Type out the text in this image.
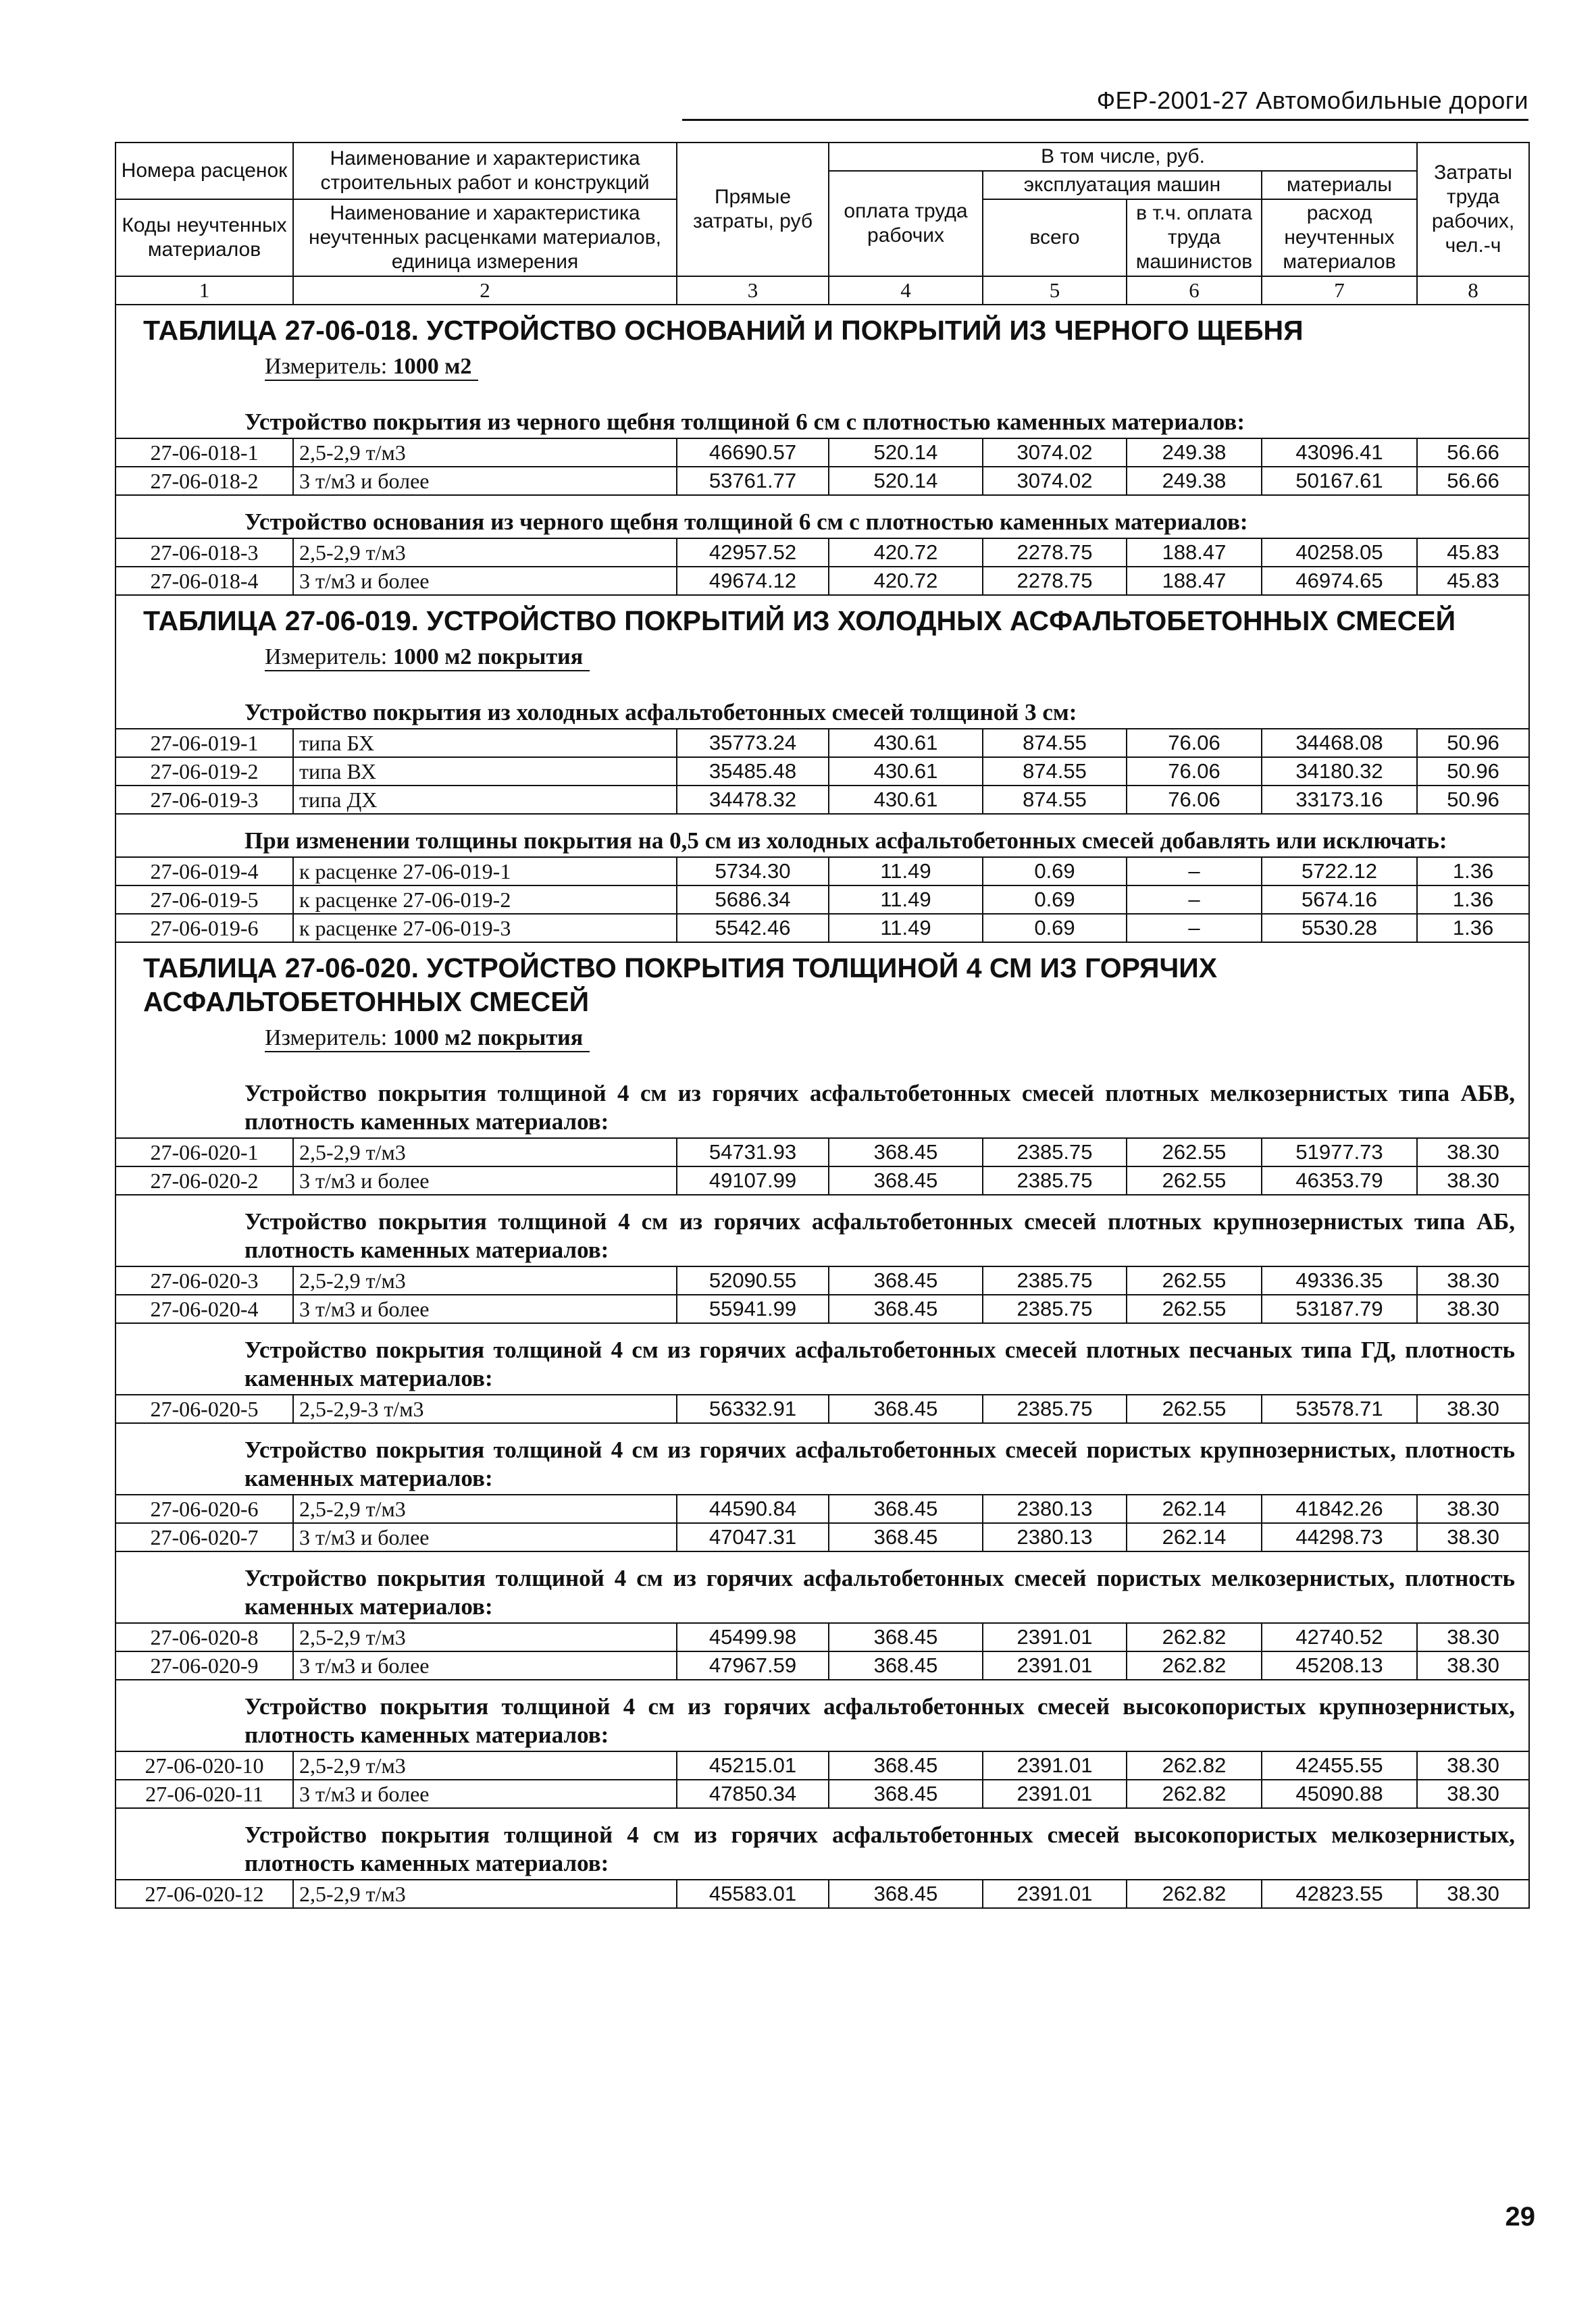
ФЕР-2001-27 Автомобильные дороги
Номера расценок	Наименование и характеристика строительных работ и конструкций	Прямые затраты, руб	В том числе, руб.				Затраты труда рабочих, чел.-ч
			оплата труда рабочих	эксплуатация машин		материалы	
Коды неучтенных материалов	Наименование и характеристика неучтенных расценками материалов, единица измерения			всего	в т.ч. оплата труда машинистов	расход неучтенных материалов	

1	2	3	4	5	6	7	8
ТАБЛИЦА 27-06-018. УСТРОЙСТВО ОСНОВАНИЙ И ПОКРЫТИЙ ИЗ ЧЕРНОГО ЩЕБНЯ							
Измеритель: 1000 м2							
Устройство покрытия из черного щебня толщиной 6 см с плотностью каменных материалов:							
27-06-018-1	2,5-2,9 т/м3	46690.57	520.14	3074.02	249.38	43096.41	56.66
27-06-018-2	3 т/м3 и более	53761.77	520.14	3074.02	249.38	50167.61	56.66
Устройство основания из черного щебня толщиной 6 см с плотностью каменных материалов:							
27-06-018-3	2,5-2,9 т/м3	42957.52	420.72	2278.75	188.47	40258.05	45.83
27-06-018-4	3 т/м3 и более	49674.12	420.72	2278.75	188.47	46974.65	45.83
ТАБЛИЦА 27-06-019. УСТРОЙСТВО ПОКРЫТИЙ ИЗ ХОЛОДНЫХ АСФАЛЬТОБЕТОННЫХ СМЕСЕЙ							
Измеритель: 1000 м2 покрытия							
Устройство покрытия из холодных асфальтобетонных смесей толщиной 3 см:							
27-06-019-1	типа БХ	35773.24	430.61	874.55	76.06	34468.08	50.96
27-06-019-2	типа ВХ	35485.48	430.61	874.55	76.06	34180.32	50.96
27-06-019-3	типа ДХ	34478.32	430.61	874.55	76.06	33173.16	50.96
При изменении толщины покрытия на 0,5 см из холодных асфальтобетонных смесей добавлять или исключать:							
27-06-019-4	к расценке 27-06-019-1	5734.30	11.49	0.69	–	5722.12	1.36
27-06-019-5	к расценке 27-06-019-2	5686.34	11.49	0.69	–	5674.16	1.36
27-06-019-6	к расценке 27-06-019-3	5542.46	11.49	0.69	–	5530.28	1.36
ТАБЛИЦА 27-06-020. УСТРОЙСТВО ПОКРЫТИЯ ТОЛЩИНОЙ 4 СМ ИЗ ГОРЯЧИХ АСФАЛЬТОБЕТОННЫХ СМЕСЕЙ							
Измеритель: 1000 м2 покрытия							
Устройство покрытия толщиной 4 см из горячих асфальтобетонных смесей плотных мелкозернистых типа АБВ, плотность каменных материалов:							
27-06-020-1	2,5-2,9 т/м3	54731.93	368.45	2385.75	262.55	51977.73	38.30
27-06-020-2	3 т/м3 и более	49107.99	368.45	2385.75	262.55	46353.79	38.30
Устройство покрытия толщиной 4 см из горячих асфальтобетонных смесей плотных крупнозернистых типа АБ, плотность каменных материалов:							
27-06-020-3	2,5-2,9 т/м3	52090.55	368.45	2385.75	262.55	49336.35	38.30
27-06-020-4	3 т/м3 и более	55941.99	368.45	2385.75	262.55	53187.79	38.30
Устройство покрытия толщиной 4 см из горячих асфальтобетонных смесей плотных песчаных типа ГД, плотность каменных материалов:							
27-06-020-5	2,5-2,9-3 т/м3	56332.91	368.45	2385.75	262.55	53578.71	38.30
Устройство покрытия толщиной 4 см из горячих асфальтобетонных смесей пористых крупнозернистых, плотность каменных материалов:							
27-06-020-6	2,5-2,9 т/м3	44590.84	368.45	2380.13	262.14	41842.26	38.30
27-06-020-7	3 т/м3 и более	47047.31	368.45	2380.13	262.14	44298.73	38.30
Устройство покрытия толщиной 4 см из горячих асфальтобетонных смесей пористых мелкозернистых, плотность каменных материалов:							
27-06-020-8	2,5-2,9 т/м3	45499.98	368.45	2391.01	262.82	42740.52	38.30
27-06-020-9	3 т/м3 и более	47967.59	368.45	2391.01	262.82	45208.13	38.30
Устройство покрытия толщиной 4 см из горячих асфальтобетонных смесей высокопористых крупнозернистых, плотность каменных материалов:							
27-06-020-10	2,5-2,9 т/м3	45215.01	368.45	2391.01	262.82	42455.55	38.30
27-06-020-11	3 т/м3 и более	47850.34	368.45	2391.01	262.82	45090.88	38.30
Устройство покрытия толщиной 4 см из горячих асфальтобетонных смесей высокопористых мелкозернистых, плотность каменных материалов:							
27-06-020-12	2,5-2,9 т/м3	45583.01	368.45	2391.01	262.82	42823.55	38.30
29
